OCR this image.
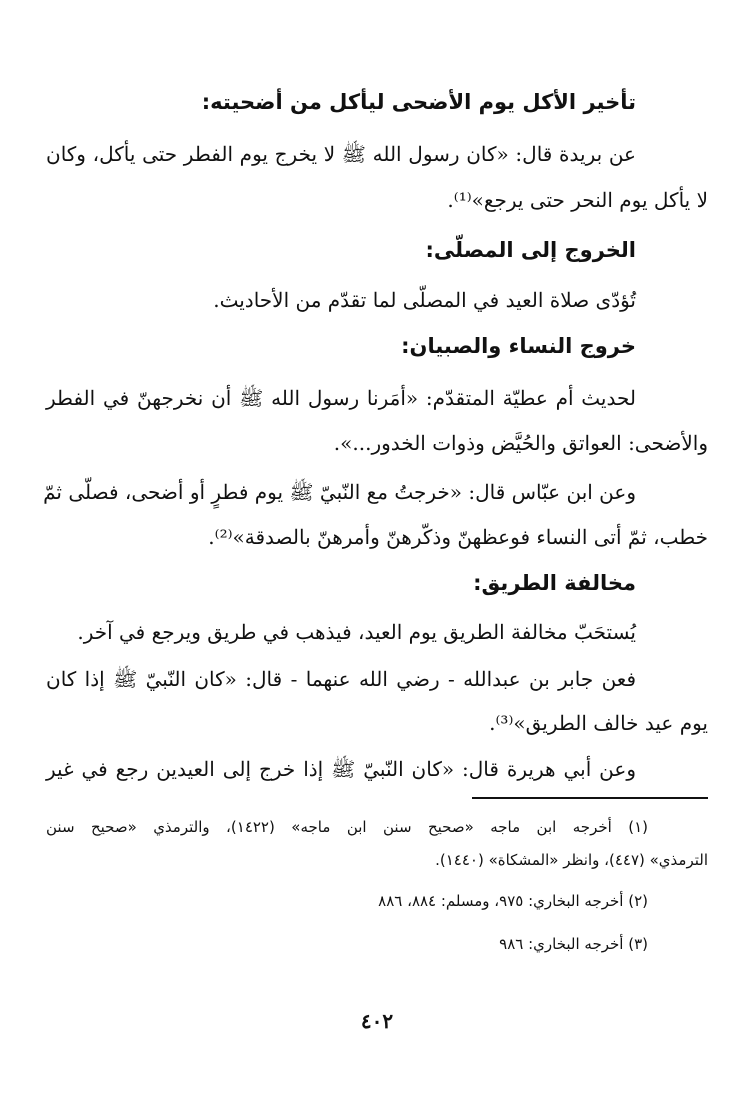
تأخير الأكل يوم الأضحى ليأكل من أضحيته:

عن بريدة قال: «كان رسول الله ﷺ لا يخرج يوم الفطر حتى يأكل، وكان

لا يأكل يوم النحر حتى يرجع»⁽¹⁾.

الخروج إلى المصلّى:

تُؤدّى صلاة العيد في المصلّى لما تقدّم من الأحاديث.

خروج النساء والصبيان:

لحديث أم عطيّة المتقدّم: «أمَرنا رسول الله ﷺ أن نخرجهنّ في الفطر

والأضحى: العواتق والحُيَّض وذوات الخدور...».

وعن ابن عبّاس قال: «خرجتُ مع النّبيّ ﷺ يوم فطرٍ أو أضحى، فصلّى ثمّ

خطب، ثمّ أتى النساء فوعظهنّ وذكّرهنّ وأمرهنّ بالصدقة»⁽²⁾.

مخالفة الطريق:

يُستحَبّ مخالفة الطريق يوم العيد، فيذهب في طريق ويرجع في آخر.

فعن جابر بن عبدالله - رضي الله عنهما - قال: «كان النّبيّ ﷺ إذا كان

يوم عيد خالف الطريق»⁽³⁾.

وعن أبي هريرة قال: «كان النّبيّ ﷺ إذا خرج إلى العيدين رجع في غير

(١) أخرجه ابن ماجه «صحيح سنن ابن ماجه» (١٤٢٢)، والترمذي «صحيح سنن

الترمذي» (٤٤٧)، وانظر «المشكاة» (١٤٤٠).

(٢) أخرجه البخاري: ٩٧٥، ومسلم: ٨٨٤، ٨٨٦

(٣) أخرجه البخاري: ٩٨٦

٤٠٢
